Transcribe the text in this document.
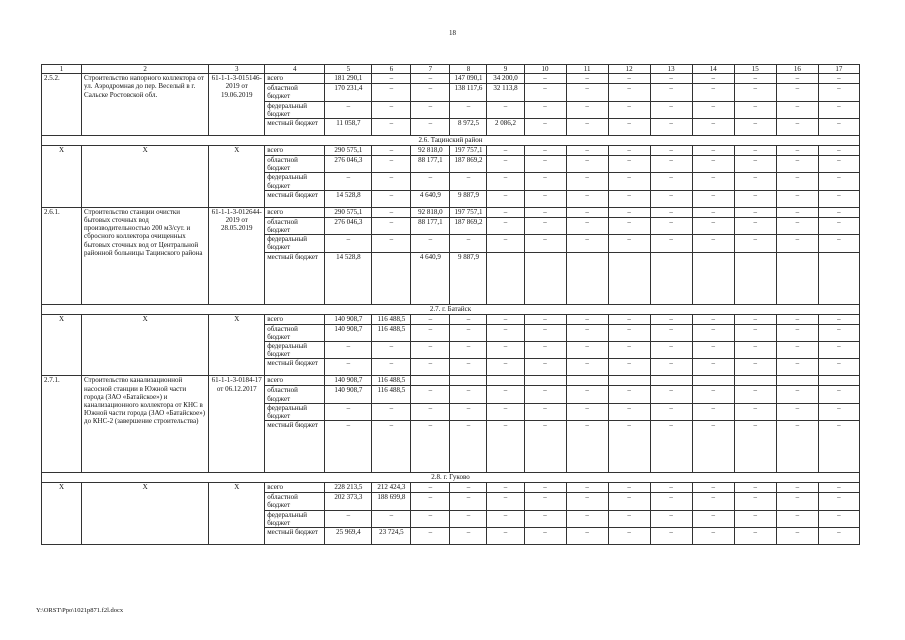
18
1	2	3	4	5	6	7	8	9	10	11	12	13	14	15	16	17
2.5.2.	Строительство напорного коллектора от ул. Аэродромная до пер. Веселый в г. Сальске Ростовской обл.	61-1-1-3-015146-2019 от 19.06.2019	всего	181 290,1	–	–	147 090,1	34 200,0	–	–	–	–	–	–	–	–
			областной бюджет	170 231,4	–	–	138 117,6	32 113,8	–	–	–	–	–	–	–	–
			федеральный бюджет	–	–	–	–	–	–	–	–	–	–	–	–	–
			местный бюджет	11 058,7	–	–	8 972,5	2 086,2	–	–	–	–	–	–	–	–
2.6. Тацинский район																
Х	Х	Х	всего	290 575,1	–	92 818,0	197 757,1	–	–	–	–	–	–	–	–	–
			областной бюджет	276 046,3	–	88 177,1	187 869,2	–	–	–	–	–	–	–	–	–
			федеральный бюджет	–	–	–	–	–	–	–	–	–	–	–	–	–
			местный бюджет	14 528,8	–	4 640,9	9 887,9	–	–	–	–	–	–	–	–	–
2.6.1.	Строительство станции очистки бытовых сточных вод производительностью 200 м3/сут. и сбросного коллектора очищенных бытовых сточных вод от Центральной районной больницы Тацинского района	61-1-1-3-012644-2019 от 28.05.2019	всего	290 575,1	–	92 818,0	197 757,1	–	–	–	–	–	–	–	–	–
			областной бюджет	276 046,3	–	88 177,1	187 869,2	–	–	–	–	–	–	–	–	–
			федеральный бюджет	–	–	–	–	–	–	–	–	–	–	–	–	–
			местный бюджет	14 528,8		4 640,9	9 887,9									
2.7. г. Батайск																
Х	Х	Х	всего	140 908,7	116 488,5	–	–	–	–	–	–	–	–	–	–	–
			областной бюджет	140 908,7	116 488,5	–	–	–	–	–	–	–	–	–	–	–
			федеральный бюджет	–	–	–	–	–	–	–	–	–	–	–	–	–
			местный бюджет	–	–	–	–	–	–	–	–	–	–	–	–	–
2.7.1.	Строительство канализационной насосной станции в Южной части города (ЗАО «Батайское») и канализационного коллектора от КНС в Южной части города (ЗАО «Батайское») до КНС-2 (завершение строительства)	61-1-1-3-0184-17 от 06.12.2017	всего	140 908,7	116 488,5											
			областной бюджет	140 908,7	116 488,5	–	–	–	–	–	–	–	–	–	–	–
			федеральный бюджет	–	–	–	–	–	–	–	–	–	–	–	–	–
			местный бюджет	–	–	–	–	–	–	–	–	–	–	–	–	–
2.8. г. Гуково																
Х	Х	Х	всего	228 213,5	212 424,3	–	–	–	–	–	–	–	–	–	–	–
			областной бюджет	202 373,3	188 699,8	–	–	–	–	–	–	–	–	–	–	–
			федеральный бюджет	–	–	–	–	–	–	–	–	–	–	–	–	–
			местный бюджет	25 969,4	23 724,5	–	–	–	–	–	–	–	–	–	–	–
Y:\ORST\Ppo\1021p871.f2l.docx
